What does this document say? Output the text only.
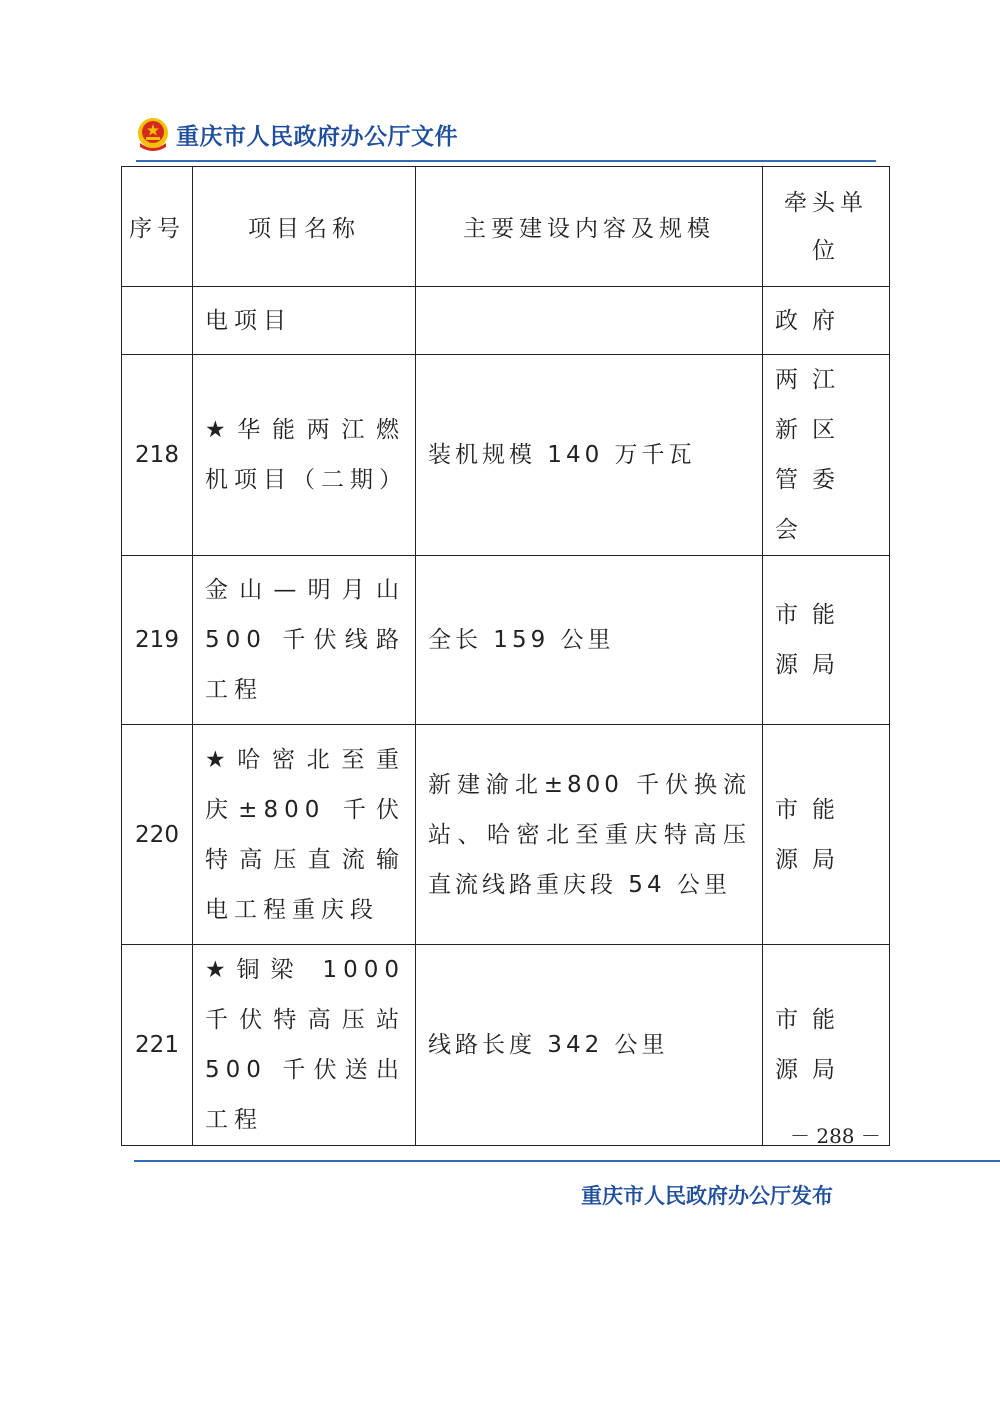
重庆市人民政府办公厅文件
序号	项目名称	主要建设内容及规模	牵头单位
	电项目		政府
218	★华能两江燃机项目（二期）	装机规模 140 万千瓦	两江新区管委会
219	金山—明月山 500 千伏线路工程	全长 159 公里	市能源局
220	★哈密北至重庆±800 千伏特高压直流输电工程重庆段	新建渝北±800 千伏换流站、哈密北至重庆特高压直流线路重庆段 54 公里	市能源局
221	★铜梁 1000 千伏特高压站 500 千伏送出工程	线路长度 342 公里	市能源局
－ 288 －
重庆市人民政府办公厅发布
